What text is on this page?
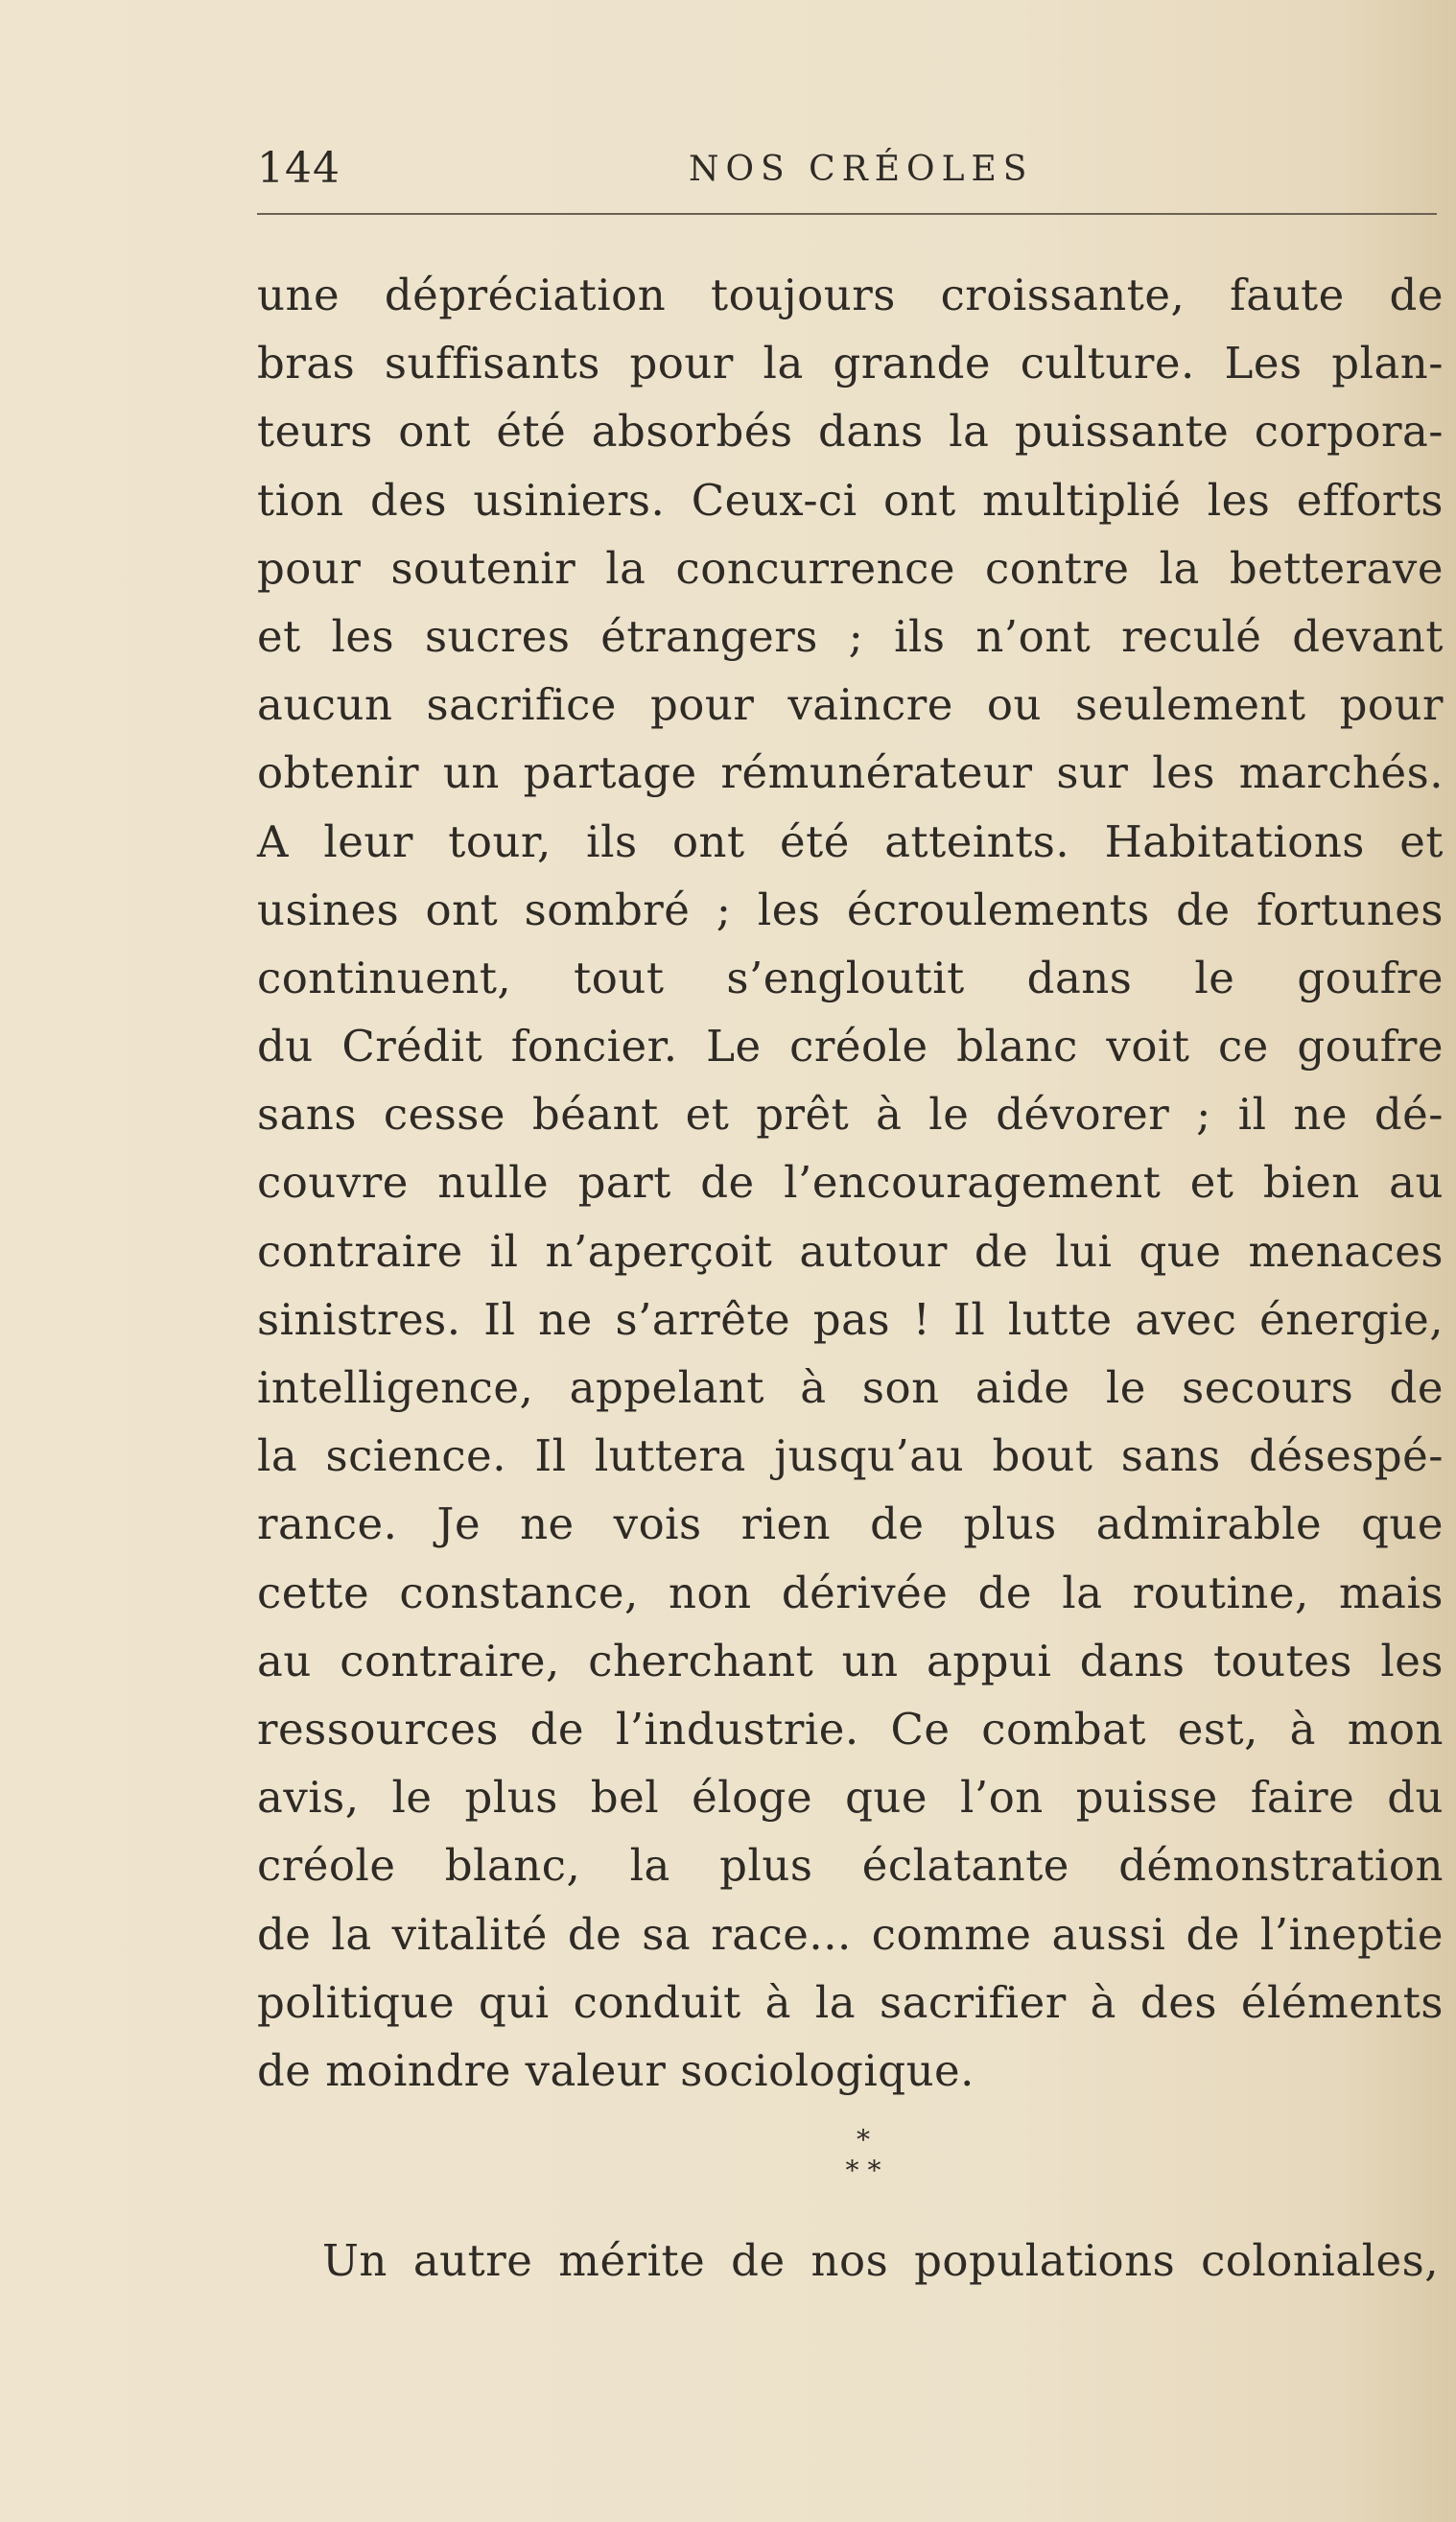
144	NOS CRÉOLES
une dépréciation toujours croissante, faute de
bras suffisants pour la grande culture. Les plan-
teurs ont été absorbés dans la puissante corpora-
tion des usiniers. Ceux-ci ont multiplié les efforts
pour soutenir la concurrence contre la betterave
et les sucres étrangers ; ils n’ont reculé devant
aucun sacrifice pour vaincre ou seulement pour
obtenir un partage rémunérateur sur les marchés.
A leur tour, ils ont été atteints. Habitations et
usines ont sombré ; les écroulements de fortunes
continuent, tout s’engloutit dans le goufre
du Crédit foncier. Le créole blanc voit ce goufre
sans cesse béant et prêt à le dévorer ; il ne dé-
couvre nulle part de l’encouragement et bien au
contraire il n’aperçoit autour de lui que menaces
sinistres. Il ne s’arrête pas ! Il lutte avec énergie,
intelligence, appelant à son aide le secours de
la science. Il luttera jusqu’au bout sans désespé-
rance. Je ne vois rien de plus admirable que
cette constance, non dérivée de la routine, mais
au contraire, cherchant un appui dans toutes les
ressources de l’industrie. Ce combat est, à mon
avis, le plus bel éloge que l’on puisse faire du
créole blanc, la plus éclatante démonstration
de la vitalité de sa race... comme aussi de l’ineptie
politique qui conduit à la sacrifier à des éléments
de moindre valeur sociologique.
*
* *
Un autre mérite de nos populations coloniales,
